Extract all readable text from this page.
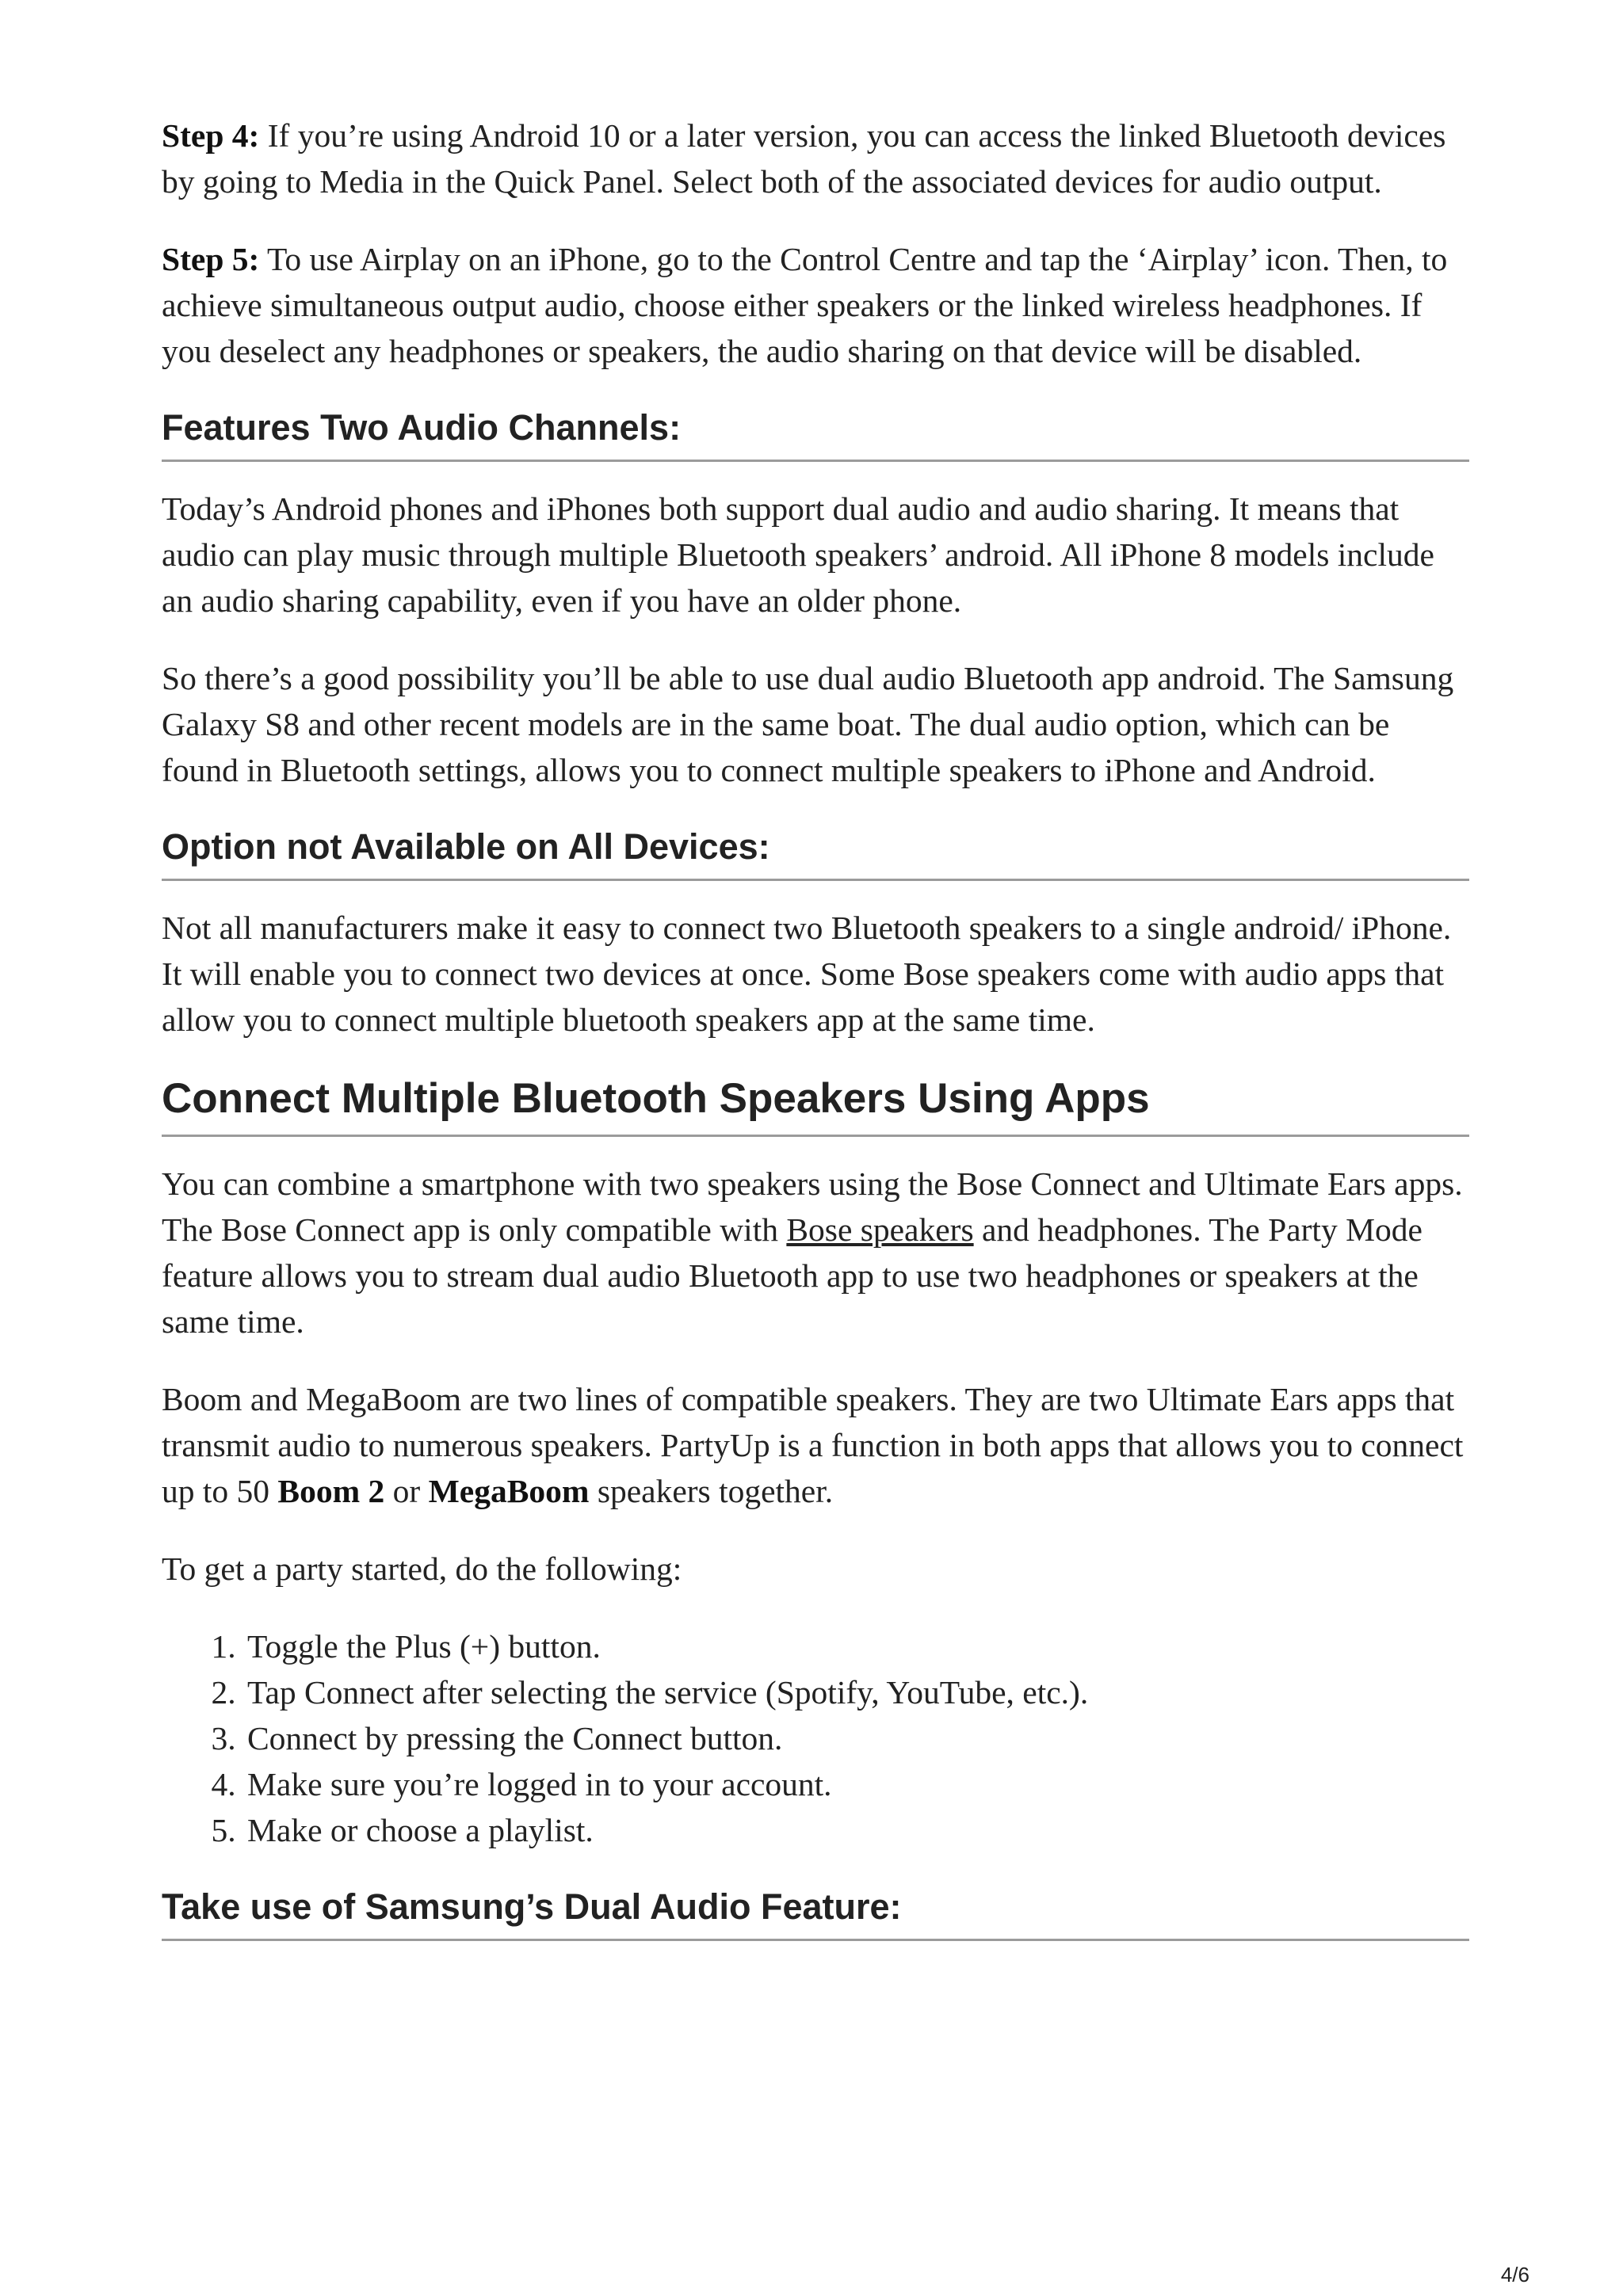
Step 4: If you’re using Android 10 or a later version, you can access the linked Bluetooth devices by going to Media in the Quick Panel. Select both of the associated devices for audio output.

Step 5: To use Airplay on an iPhone, go to the Control Centre and tap the ‘Airplay’ icon. Then, to achieve simultaneous output audio, choose either speakers or the linked wireless headphones. If you deselect any headphones or speakers, the audio sharing on that device will be disabled.

Features Two Audio Channels:

Today’s Android phones and iPhones both support dual audio and audio sharing. It means that audio can play music through multiple Bluetooth speakers’ android. All iPhone 8 models include an audio sharing capability, even if you have an older phone.

So there’s a good possibility you’ll be able to use dual audio Bluetooth app android. The Samsung Galaxy S8 and other recent models are in the same boat. The dual audio option, which can be found in Bluetooth settings, allows you to connect multiple speakers to iPhone and Android.

Option not Available on All Devices:

Not all manufacturers make it easy to connect two Bluetooth speakers to a single android/ iPhone. It will enable you to connect two devices at once. Some Bose speakers come with audio apps that allow you to connect multiple bluetooth speakers app at the same time.

Connect Multiple Bluetooth Speakers Using Apps

You can combine a smartphone with two speakers using the Bose Connect and Ultimate Ears apps. The Bose Connect app is only compatible with Bose speakers and headphones. The Party Mode feature allows you to stream dual audio Bluetooth app to use two headphones or speakers at the same time.

Boom and MegaBoom are two lines of compatible speakers. They are two Ultimate Ears apps that transmit audio to numerous speakers. PartyUp is a function in both apps that allows you to connect up to 50 Boom 2 or MegaBoom speakers together.

To get a party started, do the following:

1. Toggle the Plus (+) button.
2. Tap Connect after selecting the service (Spotify, YouTube, etc.).
3. Connect by pressing the Connect button.
4. Make sure you’re logged in to your account.
5. Make or choose a playlist.
Take use of Samsung’s Dual Audio Feature:
4/6
